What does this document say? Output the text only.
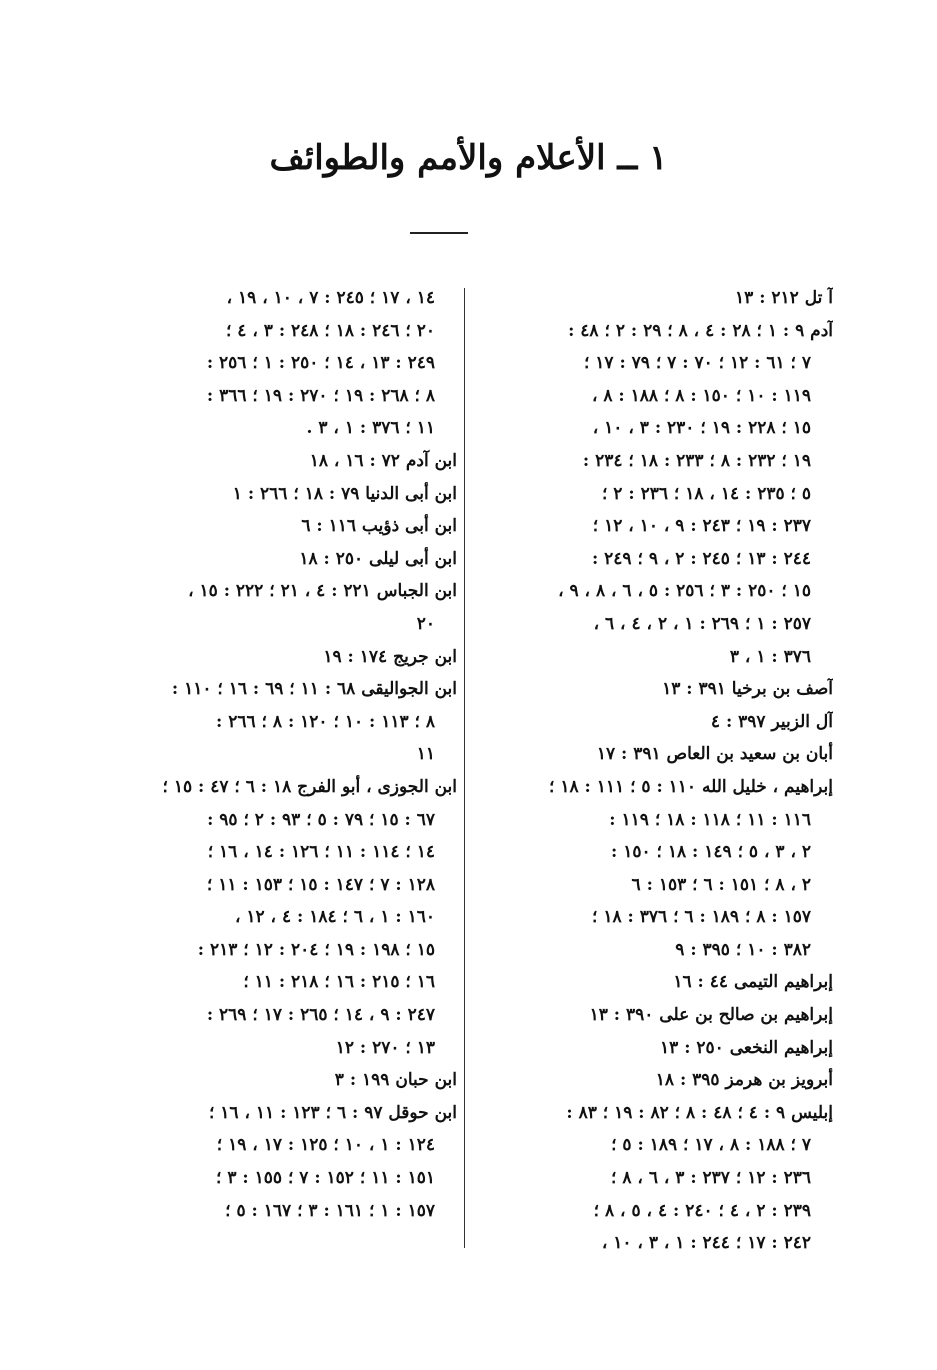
١ ــ الأعلام والأمم والطوائف
آ تل ٢١٢ : ١٣
آدم ٩ : ١ ؛ ٢٨ : ٤ ، ٨ ؛ ٢٩ : ٢ ؛ ٤٨ :
٧ ؛ ٦١ : ١٢ ؛ ٧٠ : ٧ ؛ ٧٩ : ١٧ ؛
١١٩ : ١٠ ؛ ١٥٠ : ٨ ؛ ١٨٨ : ٨ ،
١٥ ؛ ٢٢٨ : ١٩ ؛ ٢٣٠ : ٣ ، ١٠ ،
١٩ ؛ ٢٣٢ : ٨ ؛ ٢٣٣ : ١٨ ؛ ٢٣٤ :
٥ ؛ ٢٣٥ : ١٤ ، ١٨ ؛ ٢٣٦ : ٢ ؛
٢٣٧ : ١٩ ؛ ٢٤٣ : ٩ ، ١٠ ، ١٢ ؛
٢٤٤ : ١٣ ؛ ٢٤٥ : ٢ ، ٩ ؛ ٢٤٩ :
١٥ ؛ ٢٥٠ : ٣ ؛ ٢٥٦ : ٥ ، ٦ ، ٨ ، ٩ ،
٢٥٧ : ١ ؛ ٢٦٩ : ١ ، ٢ ، ٤ ، ٦ ،
٣٧٦ : ١ ، ٣
آصف بن برخيا ٣٩١ : ١٣
آل الزبير ٣٩٧ : ٤
أبان بن سعيد بن العاص ٣٩١ : ١٧
إبراهيم ، خليل الله ١١٠ : ٥ ؛ ١١١ : ١٨ ؛
١١٦ : ١١ ؛ ١١٨ : ١٨ ؛ ١١٩ :
٢ ، ٣ ، ٥ ؛ ١٤٩ : ١٨ ؛ ١٥٠ :
٢ ، ٨ ؛ ١٥١ : ٦ ؛ ١٥٣ : ٦
١٥٧ : ٨ ؛ ١٨٩ : ٦ ؛ ٣٧٦ : ١٨ ؛
٣٨٢ : ١٠ ؛ ٣٩٥ : ٩
إبراهيم التيمى ٤٤ : ١٦
إبراهيم بن صالح بن على ٣٩٠ : ١٣
إبراهيم النخعى ٢٥٠ : ١٣
أبرويز بن هرمز ٣٩٥ : ١٨
إبليس ٩ : ٤ ؛ ٤٨ : ٨ ؛ ٨٢ : ١٩ ؛ ٨٣ :
٧ ؛ ١٨٨ : ٨ ، ١٧ ؛ ١٨٩ : ٥ ؛
٢٣٦ : ١٢ ؛ ٢٣٧ : ٣ ، ٦ ، ٨ ؛
٢٣٩ : ٢ ، ٤ ؛ ٢٤٠ : ٤ ، ٥ ، ٨ ؛
٢٤٢ : ١٧ ؛ ٢٤٤ : ١ ، ٣ ، ١٠ ،
١٤ ، ١٧ ؛ ٢٤٥ : ٧ ، ١٠ ، ١٩ ،
٢٠ ؛ ٢٤٦ : ١٨ ؛ ٢٤٨ : ٣ ، ٤ ؛
٢٤٩ : ١٣ ، ١٤ ؛ ٢٥٠ : ١ ؛ ٢٥٦ :
٨ ؛ ٢٦٨ : ١٩ ؛ ٢٧٠ : ١٩ ؛ ٣٦٦ :
١١ ؛ ٣٧٦ : ١ ، ٣ .
ابن آدم ٧٢ : ١٦ ، ١٨
ابن أبى الدنيا ٧٩ : ١٨ ؛ ٢٦٦ : ١
ابن أبى ذؤيب ١١٦ : ٦
ابن أبى ليلى ٢٥٠ : ١٨
ابن الجباس ٢٢١ : ٤ ، ٢١ ؛ ٢٢٢ : ١٥ ،
٢٠
ابن جريج ١٧٤ : ١٩
ابن الجواليقى ٦٨ : ١١ ؛ ٦٩ : ١٦ ؛ ١١٠ :
٨ ؛ ١١٣ : ١٠ ؛ ١٢٠ : ٨ ؛ ٢٦٦ :
١١
ابن الجوزى ، أبو الفرج ١٨ : ٦ ؛ ٤٧ : ١٥ ؛
٦٧ : ١٥ ؛ ٧٩ : ٥ ؛ ٩٣ : ٢ ؛ ٩٥ :
١٤ ؛ ١١٤ : ١١ ؛ ١٢٦ : ١٤ ، ١٦ ؛
١٢٨ : ٧ ؛ ١٤٧ : ١٥ ؛ ١٥٣ : ١١ ؛
١٦٠ : ١ ، ٦ ؛ ١٨٤ : ٤ ، ١٢ ،
١٥ ؛ ١٩٨ : ١٩ ؛ ٢٠٤ : ١٢ ؛ ٢١٣ :
١٦ ؛ ٢١٥ : ١٦ ؛ ٢١٨ : ١١ ؛
٢٤٧ : ٩ ، ١٤ ؛ ٢٦٥ : ١٧ ؛ ٢٦٩ :
١٣ ؛ ٢٧٠ : ١٢
ابن حبان ١٩٩ : ٣
ابن حوقل ٩٧ : ٦ ؛ ١٢٣ : ١١ ، ١٦ ؛
١٢٤ : ١ ، ١٠ ؛ ١٢٥ : ١٧ ، ١٩ ؛
١٥١ : ١١ ؛ ١٥٢ : ٧ ؛ ١٥٥ : ٣ ؛
١٥٧ : ١ ؛ ١٦١ : ٣ ؛ ١٦٧ : ٥ ؛
